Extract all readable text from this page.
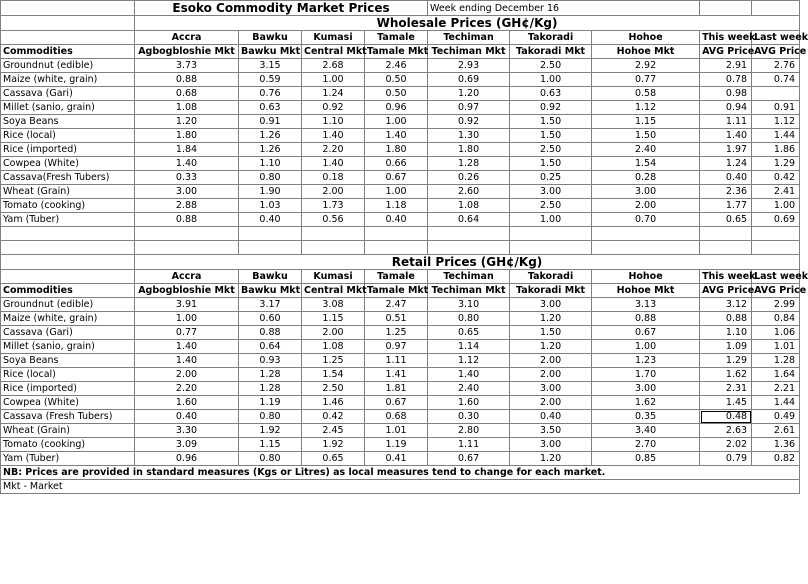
	Esoko Commodity Market Prices				Week ending December 16				
	Wholesale Prices (GH¢/Kg)								
	Accra	Bawku	Kumasi	Tamale	Techiman	Takoradi	Hohoe	This week	Last week
Commodities	Agbogbloshie Mkt	Bawku Mkt	Central Mkt	Tamale Mkt	Techiman Mkt	Takoradi Mkt	Hohoe Mkt	AVG Price	AVG Price
Groundnut (edible)	3.73	3.15	2.68	2.46	2.93	2.50	2.92	2.91	2.76
Maize (white, grain)	0.88	0.59	1.00	0.50	0.69	1.00	0.77	0.78	0.74
Cassava (Gari)	0.68	0.76	1.24	0.50	1.20	0.63	0.58	0.98	
Millet (sanio, grain)	1.08	0.63	0.92	0.96	0.97	0.92	1.12	0.94	0.91
Soya Beans	1.20	0.91	1.10	1.00	0.92	1.50	1.15	1.11	1.12
Rice (local)	1.80	1.26	1.40	1.40	1.30	1.50	1.50	1.40	1.44
Rice (imported)	1.84	1.26	2.20	1.80	1.80	2.50	2.40	1.97	1.86
Cowpea (White)	1.40	1.10	1.40	0.66	1.28	1.50	1.54	1.24	1.29
Cassava(Fresh Tubers)	0.33	0.80	0.18	0.67	0.26	0.25	0.28	0.40	0.42
Wheat (Grain)	3.00	1.90	2.00	1.00	2.60	3.00	3.00	2.36	2.41
Tomato (cooking)	2.88	1.03	1.73	1.18	1.08	2.50	2.00	1.77	1.00
Yam (Tuber)	0.88	0.40	0.56	0.40	0.64	1.00	0.70	0.65	0.69

	Retail Prices (GH¢/Kg)								
	Accra	Bawku	Kumasi	Tamale	Techiman	Takoradi	Hohoe	This week	Last week
Commodities	Agbogbloshie Mkt	Bawku Mkt	Central Mkt	Tamale Mkt	Techiman Mkt	Takoradi Mkt	Hohoe Mkt	AVG Price	AVG Price
Groundnut (edible)	3.91	3.17	3.08	2.47	3.10	3.00	3.13	3.12	2.99
Maize (white, grain)	1.00	0.60	1.15	0.51	0.80	1.20	0.88	0.88	0.84
Cassava (Gari)	0.77	0.88	2.00	1.25	0.65	1.50	0.67	1.10	1.06
Millet (sanio, grain)	1.40	0.64	1.08	0.97	1.14	1.20	1.00	1.09	1.01
Soya Beans	1.40	0.93	1.25	1.11	1.12	2.00	1.23	1.29	1.28
Rice (local)	2.00	1.28	1.54	1.41	1.40	2.00	1.70	1.62	1.64
Rice (imported)	2.20	1.28	2.50	1.81	2.40	3.00	3.00	2.31	2.21
Cowpea (White)	1.60	1.19	1.46	0.67	1.60	2.00	1.62	1.45	1.44
Cassava (Fresh Tubers)	0.40	0.80	0.42	0.68	0.30	0.40	0.35	0.48	0.49
Wheat (Grain)	3.30	1.92	2.45	1.01	2.80	3.50	3.40	2.63	2.61
Tomato (cooking)	3.09	1.15	1.92	1.19	1.11	3.00	2.70	2.02	1.36
Yam (Tuber)	0.96	0.80	0.65	0.41	0.67	1.20	0.85	0.79	0.82
NB: Prices are provided in standard measures (Kgs or Litres) as local measures tend to change for each market.									
Mkt - Market									
